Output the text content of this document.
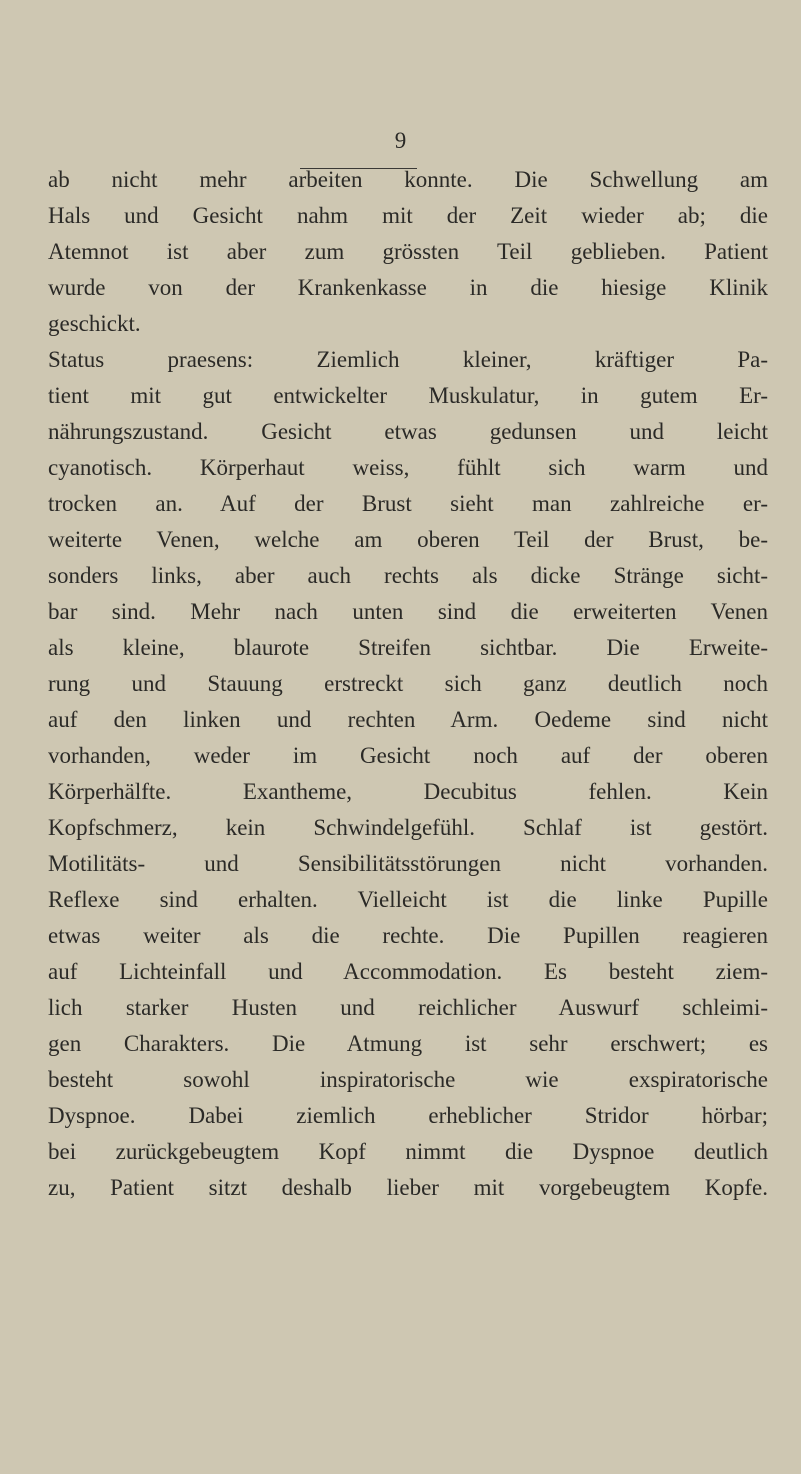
9
ab nicht mehr arbeiten konnte. Die Schwellung am
Hals und Gesicht nahm mit der Zeit wieder ab; die
Atemnot ist aber zum grössten Teil geblieben. Patient
wurde von der Krankenkasse in die hiesige Klinik
geschickt.
Status praesens: Ziemlich kleiner, kräftiger Pa-
tient mit gut entwickelter Muskulatur, in gutem Er-
nährungszustand. Gesicht etwas gedunsen und leicht
cyanotisch. Körperhaut weiss, fühlt sich warm und
trocken an. Auf der Brust sieht man zahlreiche er-
weiterte Venen, welche am oberen Teil der Brust, be-
sonders links, aber auch rechts als dicke Stränge sicht-
bar sind. Mehr nach unten sind die erweiterten Venen
als kleine, blaurote Streifen sichtbar. Die Erweite-
rung und Stauung erstreckt sich ganz deutlich noch
auf den linken und rechten Arm. Oedeme sind nicht
vorhanden, weder im Gesicht noch auf der oberen
Körperhälfte. Exantheme, Decubitus fehlen. Kein
Kopfschmerz, kein Schwindelgefühl. Schlaf ist gestört.
Motilitäts- und Sensibilitätsstörungen nicht vorhanden.
Reflexe sind erhalten. Vielleicht ist die linke Pupille
etwas weiter als die rechte. Die Pupillen reagieren
auf Lichteinfall und Accommodation. Es besteht ziem-
lich starker Husten und reichlicher Auswurf schleimi-
gen Charakters. Die Atmung ist sehr erschwert; es
besteht sowohl inspiratorische wie exspiratorische
Dyspnoe. Dabei ziemlich erheblicher Stridor hörbar;
bei zurückgebeugtem Kopf nimmt die Dyspnoe deutlich
zu, Patient sitzt deshalb lieber mit vorgebeugtem Kopfe.
